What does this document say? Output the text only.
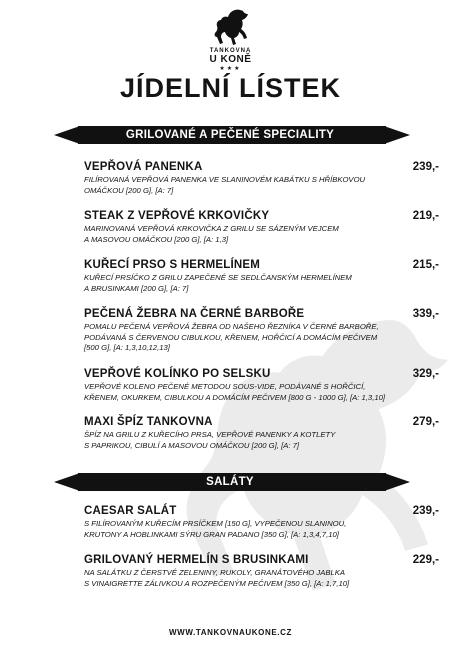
TANKOVNA
U KONĚ
★★★
JÍDELNÍ LÍSTEK
GRILOVANÉ A PEČENÉ SPECIALITY
VEPŘOVÁ PANENKA	239,-
FILÍROVANÁ VEPŘOVÁ PANENKA VE SLANINOVÉM KABÁTKU S HŘÍBKOVOU
OMÁČKOU [200 G], [A: 7]
STEAK Z VEPŘOVÉ KRKOVIČKY	219,-
MARINOVANÁ VEPŘOVÁ KRKOVIČKA Z GRILU SE SÁZENÝM VEJCEM
A MASOVOU OMÁČKOU [200 G], [A: 1,3]
KUŘECÍ PRSO S HERMELÍNEM	215,-
KUŘECÍ PRSÍČKO Z GRILU ZAPEČENÉ SE SEDLČANSKÝM HERMELÍNEM
A BRUSINKAMI [200 G], [A: 7]
PEČENÁ ŽEBRA NA ČERNÉ BARBOŘE	339,-
POMALU PEČENÁ VEPŘOVÁ ŽEBRA OD NAŠEHO ŘEZNÍKA V ČERNÉ BARBOŘE,
PODÁVANÁ S ČERVENOU CIBULKOU, KŘENEM, HOŘČICÍ A DOMÁCÍM PEČIVEM
[500 G], [A: 1,3,10,12,13]
VEPŘOVÉ KOLÍNKO PO SELSKU	329,-
VEPŘOVÉ KOLENO PEČENÉ METODOU SOUS-VIDE, PODÁVANÉ S HOŘČICÍ,
KŘENEM, OKURKEM, CIBULKOU A DOMÁCÍM PEČIVEM [800 G - 1000 G], [A: 1,3,10]
MAXI ŠPÍZ TANKOVNA	279,-
ŠPÍZ NA GRILU Z KUŘECÍHO PRSA, VEPŘOVÉ PANENKY A KOTLETY
S PAPRIKOU, CIBULÍ A MASOVOU OMÁČKOU [200 G], [A: 7]
SALÁTY
CAESAR SALÁT	239,-
S FILÍROVANÝM KUŘECÍM PRSÍČKEM [150 G], VYPEČENOU SLANINOU,
KRUTONY A HOBLINKAMI SÝRU GRAN PADANO [350 G], [A: 1,3,4,7,10]
GRILOVANÝ HERMELÍN S BRUSINKAMI	229,-
NA SALÁTKU Z ČERSTVÉ ZELENINY, RUKOLY, GRANÁTOVÉHO JABLKA
S VINAIGRETTE ZÁLIVKOU A ROZPEČENÝM PEČIVEM [350 G], [A: 1,7,10]
WWW.TANKOVNAUKONE.CZ
